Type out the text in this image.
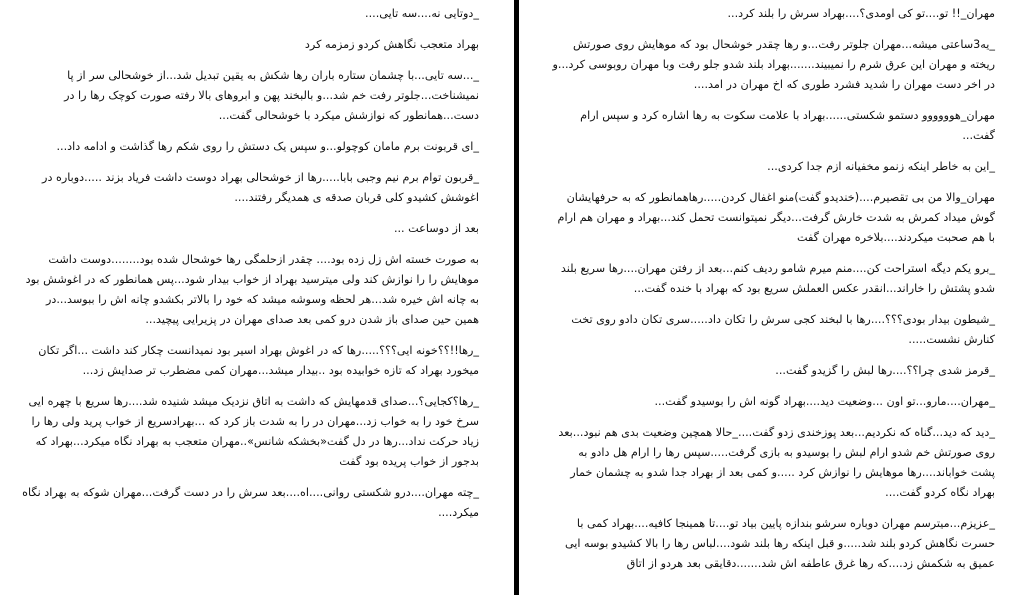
_دوتایی نه....سه تایی....

بهراد متعجب نگاهش کردو زمزمه کرد

_...سه تایی...با چشمان ستاره باران رها شکش به یقین تبدیل شد...از خوشحالی سر از پا نمیشناخت...جلوتر رفت خم شد...و بالبخند پهن و ابروهای بالا رفته صورت کوچک رها را در دست...همانطور که نوازشش میکرد با خوشحالی گفت...

_ای قربونت برم مامان کوچولو...و سپس یک دستش را روی شکم رها گذاشت و ادامه داد...

_قربون توام برم نیم وجبی بابا.....رها از خوشحالی بهراد دوست داشت فریاد بزند .....دوباره در اغوشش کشیدو کلی قربان صدقه ی همدیگر رفتند....

بعد از دوساعت ...

به صورت خسته اش زل زده بود.... چقدر ازحلمگی رها خوشحال شده بود........دوست داشت موهایش را را نوازش کند ولی میترسید بهراد از خواب بیدار شود...پس همانطور که در اغوشش بود به چانه اش خیره شد...هر لحظه وسوشه میشد که خود را بالاتر بکشدو چانه اش را ببوسد...در همین حین صدای باز شدن درو کمی بعد صدای مهران در پزیرایی پیچید...

_رها!!؟؟خونه ایی؟؟؟.....رها که در اغوش بهراد اسیر بود نمیدانست چکار کند داشت ...اگر تکان میخورد بهراد که تازه خوابیده بود ..بیدار میشد...مهران کمی مضطرب تر صدایش زد...

_رها؟کجایی؟...صدای قدمهایش که داشت به اتاق نزدیک میشد شنیده شد....رها سریع با چهره ایی سرخ خود را به خواب زد...مهران در را به شدت باز کرد که ...بهرادسریع از خواب پرید ولی رها را زیاد حرکت نداد...رها در دل گفت«بخشکه شانس»..مهران متعجب به بهراد نگاه میکرد...بهراد که بدجور از خواب پریده بود گفت

_چته مهران....درو شکستی روانی....اه....بعد سرش را در دست گرفت...مهران شوکه به بهراد نگاه میکرد....

مهران_!! تو....تو کی اومدی؟....بهراد سرش را بلند کرد...

_یه3ساعتی میشه...مهران جلوتر رفت...و رها چقدر خوشحال بود که موهایش روی صورتش ریخته و مهران این عرق شرم را نمیبیند.......بهراد بلند شدو جلو رفت وبا مهران روبوسی کرد...و در اخر دست مهران را شدید فشرد طوری که اخ مهران در امد....

مهران_هوووووو دستمو شکستی......بهراد با علامت سکوت به رها اشاره کرد و سپس ارام گفت...

_این به خاطر اینکه زنمو مخفیانه ازم جدا کردی...

مهران_والا من بی تقصیرم....(خندیدو گفت)منو اغفال کردن.....رهاهمانطور که به حرفهایشان گوش میداد کمرش به شدت خارش گرفت...دیگر نمیتوانست تحمل کند...بهراد و مهران هم ارام با هم صحبت میکردند....بلاخره مهران گفت

_برو یکم دیگه استراحت کن....منم میرم شامو ردیف کنم...بعد از رفتن مهران....رها سریع بلند شدو پشتش را خاراند...انقدر عکس العملش سریع بود که بهراد با خنده گفت...

_شیطون بیدار بودی؟؟؟....رها با لبخند کجی سرش را تکان داد.....سری تکان دادو روی تخت کنارش نشست.....

_قرمز شدی چرا؟؟....رها لبش را گزیدو گفت...

_مهران....مارو...تو اون ...وضعیت دید....بهراد گونه اش را بوسیدو گفت...

_دید که دید...گناه که نکردیم...بعد پوزخندی زدو گفت...._حالا همچین وضعیت بدی هم نبود...بعد روی صورتش خم شدو ارام لبش را بوسیدو به بازی گرفت.....سپس رها را ارام هل دادو به پشت خواباند....رها موهایش را نوازش کرد .....و کمی بعد از بهراد جدا شدو به چشمان خمار بهراد نگاه کردو گفت....

_عزیزم...میترسم مهران دوباره سرشو بندازه پایین بیاد تو....تا همینجا کافیه....بهراد کمی با حسرت نگاهش کردو بلند شد.....و قبل اینکه رها بلند شود....لباس رها را بالا کشیدو بوسه ایی عمیق به شکمش زد....که رها غرق عاطفه اش شد.......دقایقی بعد هردو از اتاق
